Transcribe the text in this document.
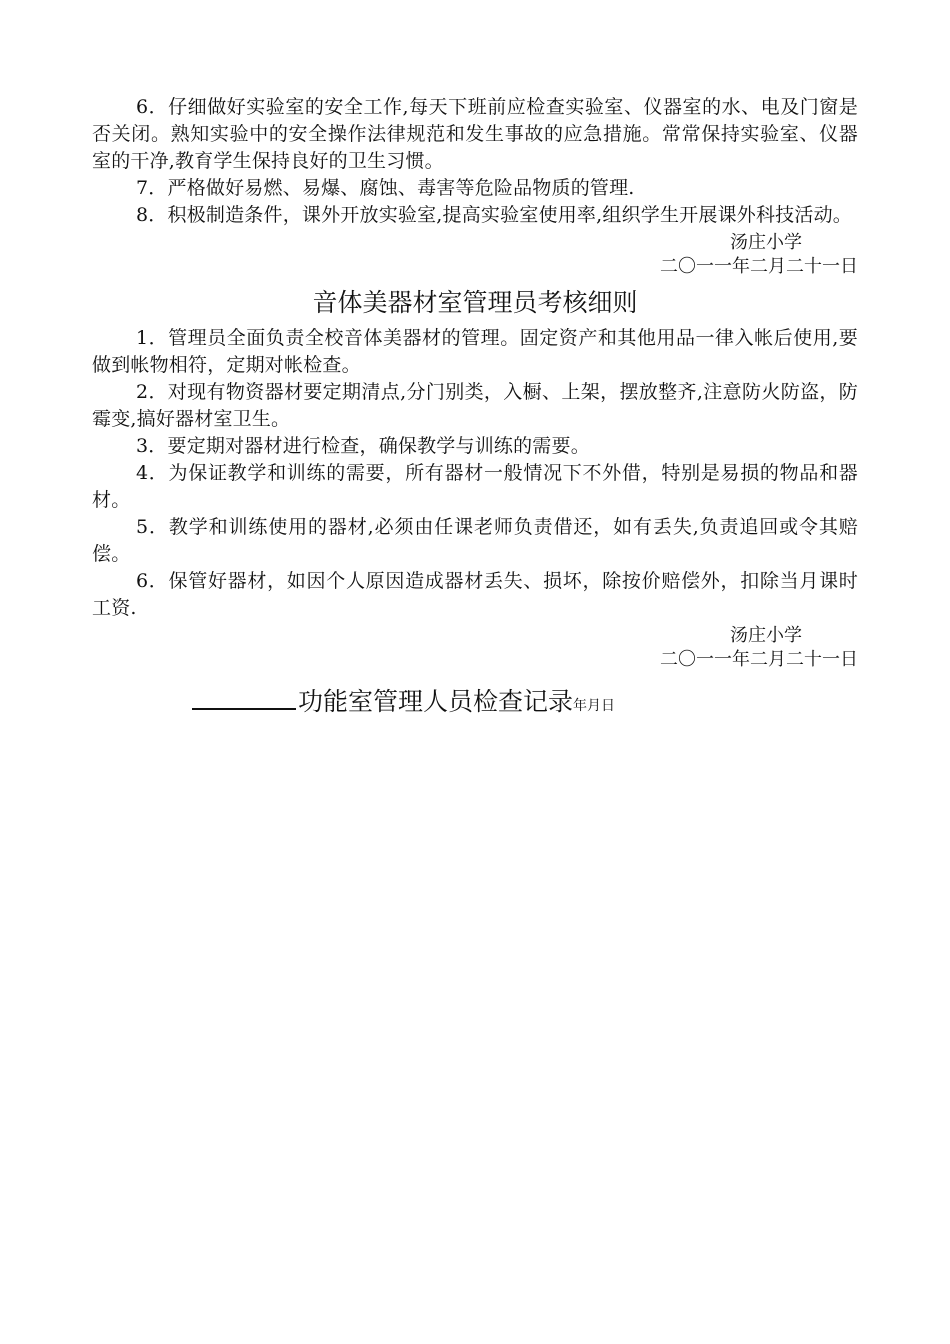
6．仔细做好实验室的安全工作,每天下班前应检查实验室、仪器室的水、电及门窗是否关闭。熟知实验中的安全操作法律规范和发生事故的应急措施。常常保持实验室、仪器室的干净,教育学生保持良好的卫生习惯。

7．严格做好易燃、易爆、腐蚀、毒害等危险品物质的管理.

8．积极制造条件，课外开放实验室,提高实验室使用率,组织学生开展课外科技活动。

汤庄小学

二〇一一年二月二十一日

音体美器材室管理员考核细则

1．管理员全面负责全校音体美器材的管理。固定资产和其他用品一律入帐后使用,要做到帐物相符，定期对帐检查。

2．对现有物资器材要定期清点,分门别类，入橱、上架，摆放整齐,注意防火防盗，防霉变,搞好器材室卫生。

3．要定期对器材进行检查，确保教学与训练的需要。

4．为保证教学和训练的需要，所有器材一般情况下不外借，特别是易损的物品和器材。

5．教学和训练使用的器材,必须由任课老师负责借还，如有丢失,负责追回或令其赔偿。

6．保管好器材，如因个人原因造成器材丢失、损坏，除按价赔偿外，扣除当月课时工资.

汤庄小学

二〇一一年二月二十一日

功能室管理人员检查记录年月日
